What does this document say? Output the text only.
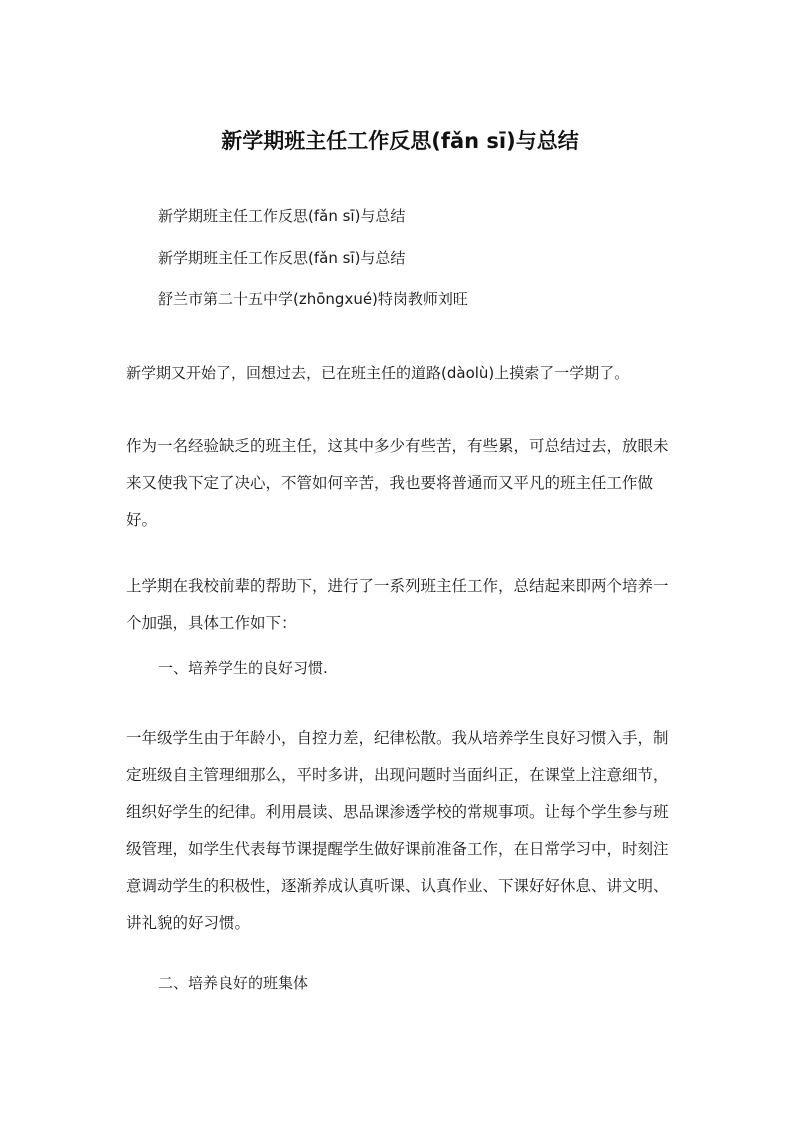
新学期班主任工作反思(fǎn sī)与总结

新学期班主任工作反思(fǎn sī)与总结

新学期班主任工作反思(fǎn sī)与总结

舒兰市第二十五中学(zhōngxué)特岗教师刘旺

新学期又开始了，回想过去，已在班主任的道路(dàolù)上摸索了一学期了。

作为一名经验缺乏的班主任，这其中多少有些苦，有些累，可总结过去，放眼未来又使我下定了决心，不管如何辛苦，我也要将普通而又平凡的班主任工作做好。

上学期在我校前辈的帮助下，进行了一系列班主任工作，总结起来即两个培养一个加强，具体工作如下：

一、培养学生的良好习惯.

一年级学生由于年龄小，自控力差，纪律松散。我从培养学生良好习惯入手，制定班级自主管理细那么，平时多讲，出现问题时当面纠正，在课堂上注意细节，组织好学生的纪律。利用晨读、思品课渗透学校的常规事项。让每个学生参与班级管理，如学生代表每节课提醒学生做好课前准备工作，在日常学习中，时刻注意调动学生的积极性，逐渐养成认真听课、认真作业、下课好好休息、讲文明、讲礼貌的好习惯。

二、培养良好的班集体
